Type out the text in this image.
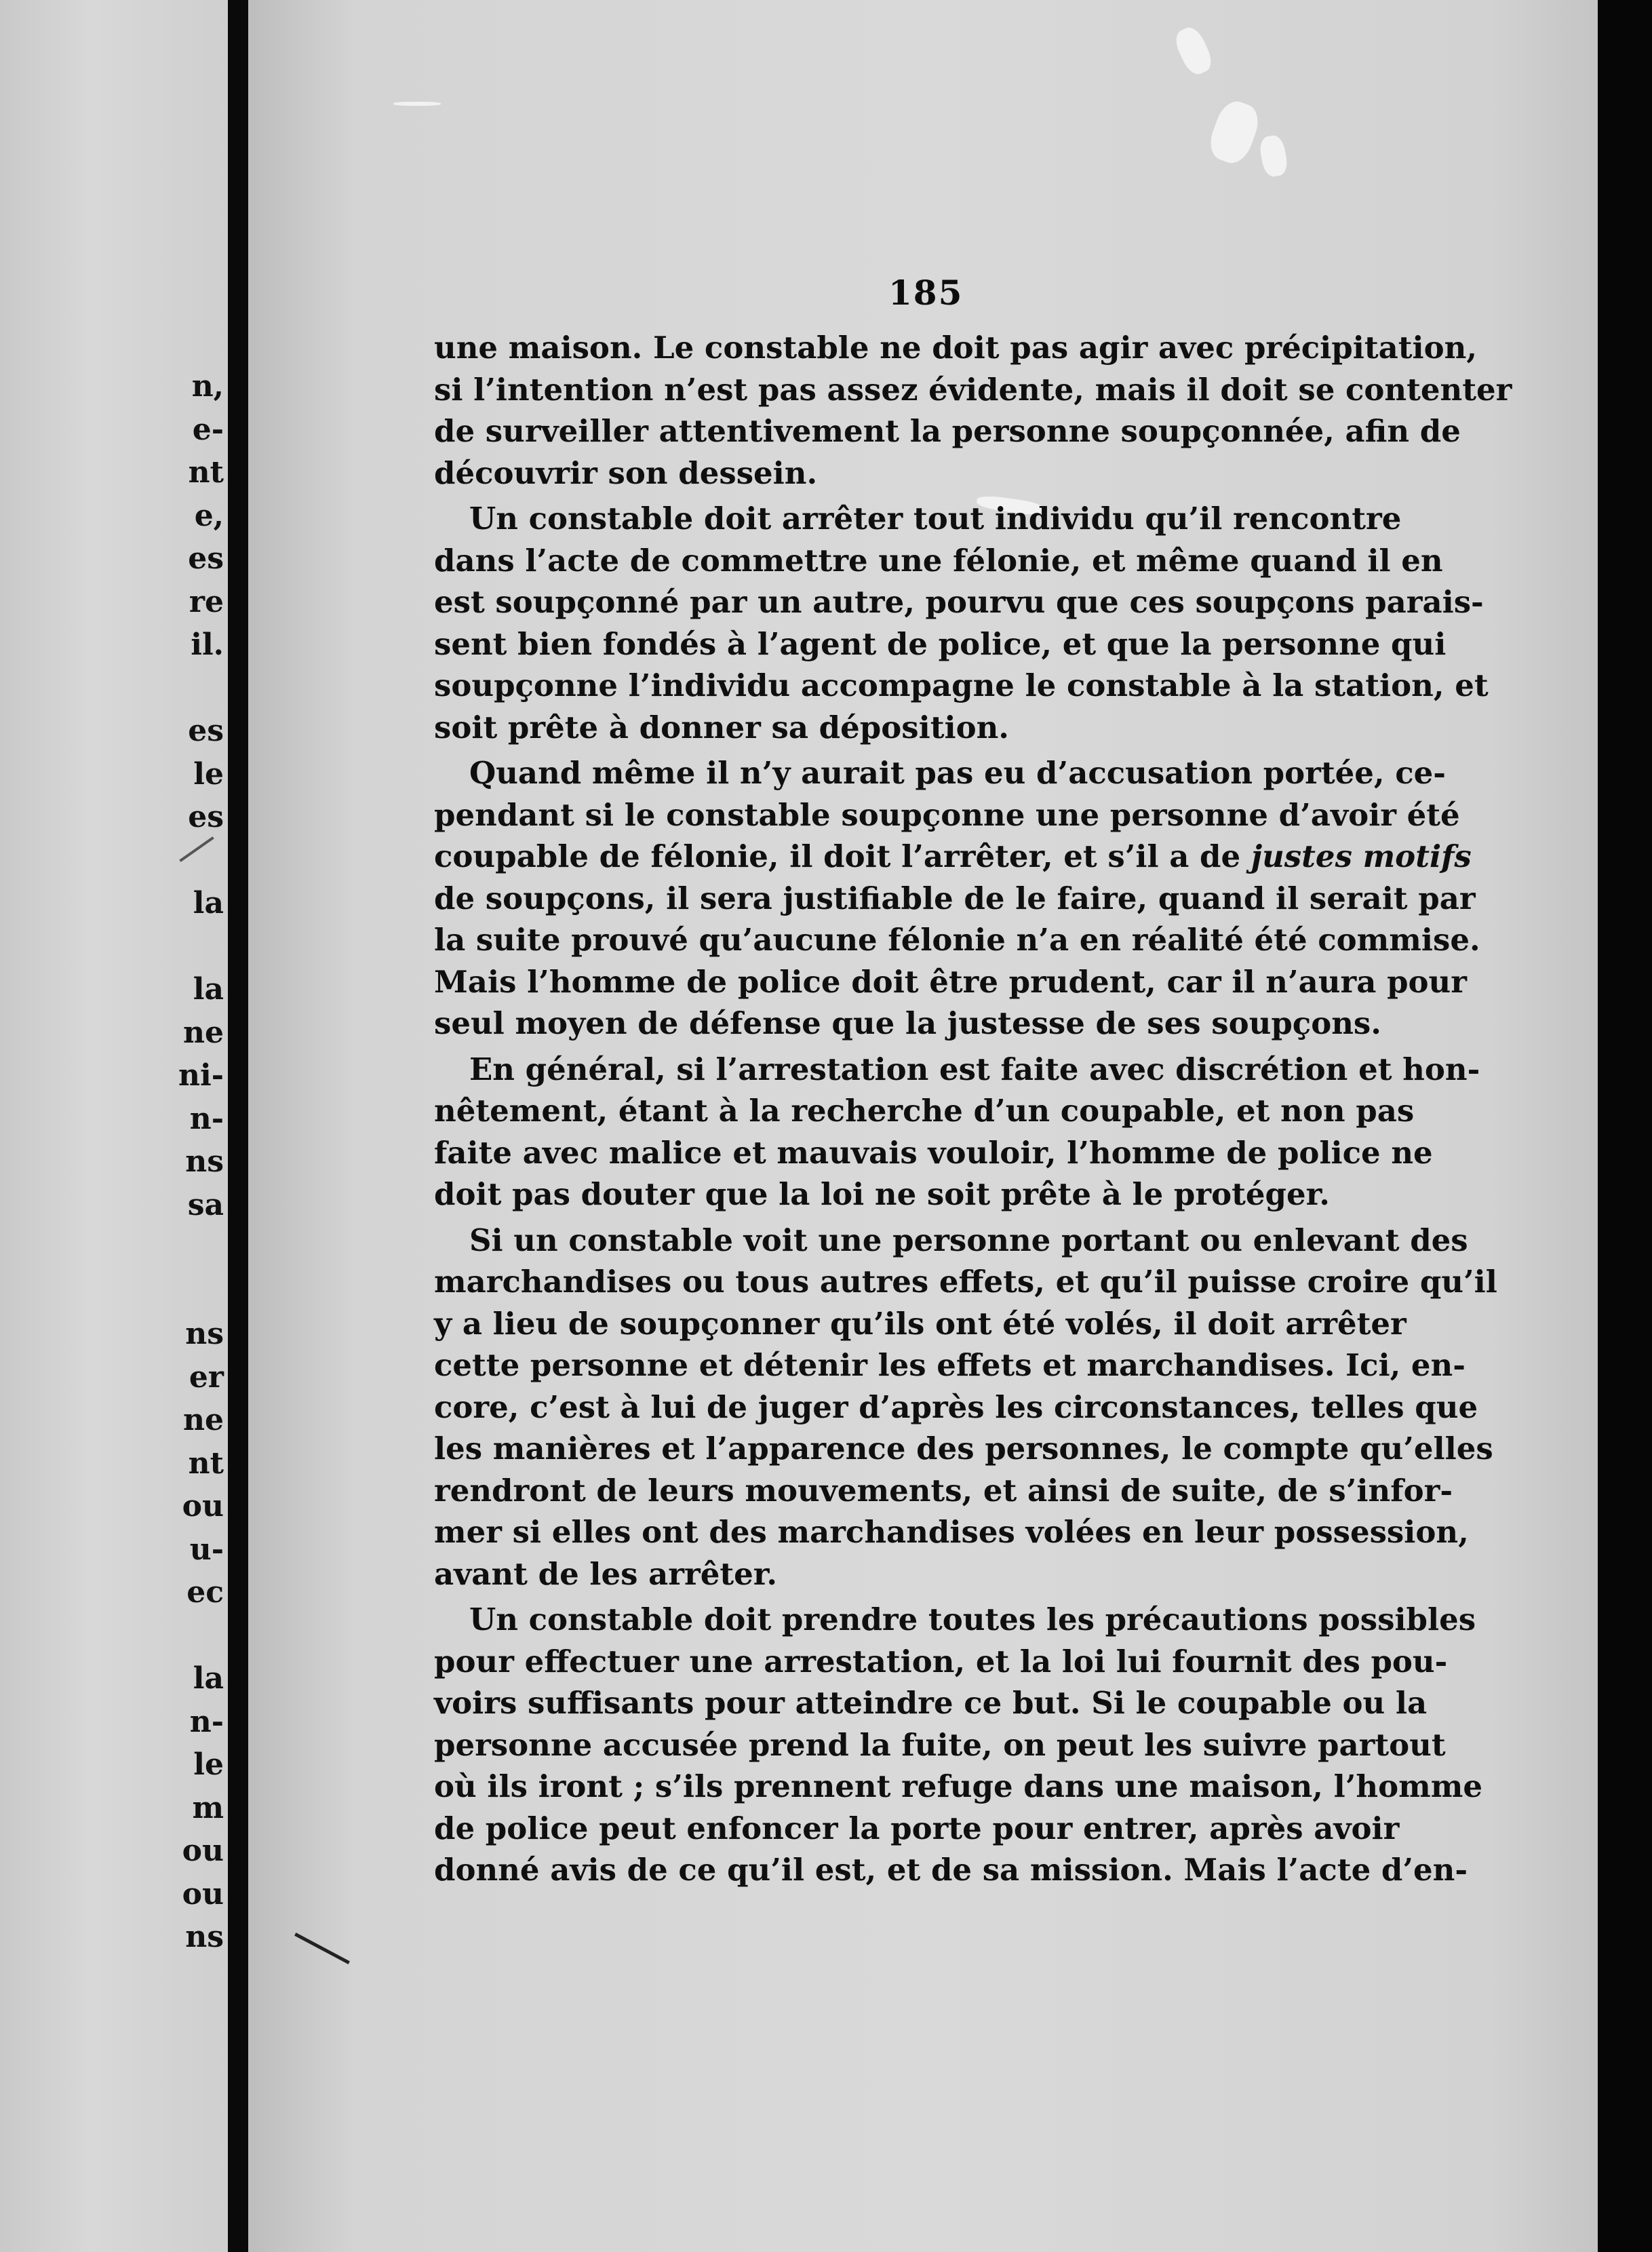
n,
e-
nt
e,
es
re
il.
es
le
es
la
la
ne
ni-
n-
ns
sa
ns
er
ne
nt
ou
u-
ec
la
n-
le
m
ou
ou
ns
185
une maison. Le constable ne doit pas agir avec précipitation,
si l’intention n’est pas assez évidente, mais il doit se contenter
de surveiller attentivement la personne soupçonnée, afin de
découvrir son dessein.
Un constable doit arrêter tout individu qu’il rencontre
dans l’acte de commettre une félonie, et même quand il en
est soupçonné par un autre, pourvu que ces soupçons parais-
sent bien fondés à l’agent de police, et que la personne qui
soupçonne l’individu accompagne le constable à la station, et
soit prête à donner sa déposition.
Quand même il n’y aurait pas eu d’accusation portée, ce-
pendant si le constable soupçonne une personne d’avoir été
coupable de félonie, il doit l’arrêter, et s’il a de justes motifs
de soupçons, il sera justifiable de le faire, quand il serait par
la suite prouvé qu’aucune félonie n’a en réalité été commise.
Mais l’homme de police doit être prudent, car il n’aura pour
seul moyen de défense que la justesse de ses soupçons.
En général, si l’arrestation est faite avec discrétion et hon-
nêtement, étant à la recherche d’un coupable, et non pas
faite avec malice et mauvais vouloir, l’homme de police ne
doit pas douter que la loi ne soit prête à le protéger.
Si un constable voit une personne portant ou enlevant des
marchandises ou tous autres effets, et qu’il puisse croire qu’il
y a lieu de soupçonner qu’ils ont été volés, il doit arrêter
cette personne et détenir les effets et marchandises. Ici, en-
core, c’est à lui de juger d’après les circonstances, telles que
les manières et l’apparence des personnes, le compte qu’elles
rendront de leurs mouvements, et ainsi de suite, de s’infor-
mer si elles ont des marchandises volées en leur possession,
avant de les arrêter.
Un constable doit prendre toutes les précautions possibles
pour effectuer une arrestation, et la loi lui fournit des pou-
voirs suffisants pour atteindre ce but. Si le coupable ou la
personne accusée prend la fuite, on peut les suivre partout
où ils iront ; s’ils prennent refuge dans une maison, l’homme
de police peut enfoncer la porte pour entrer, après avoir
donné avis de ce qu’il est, et de sa mission. Mais l’acte d’en-
